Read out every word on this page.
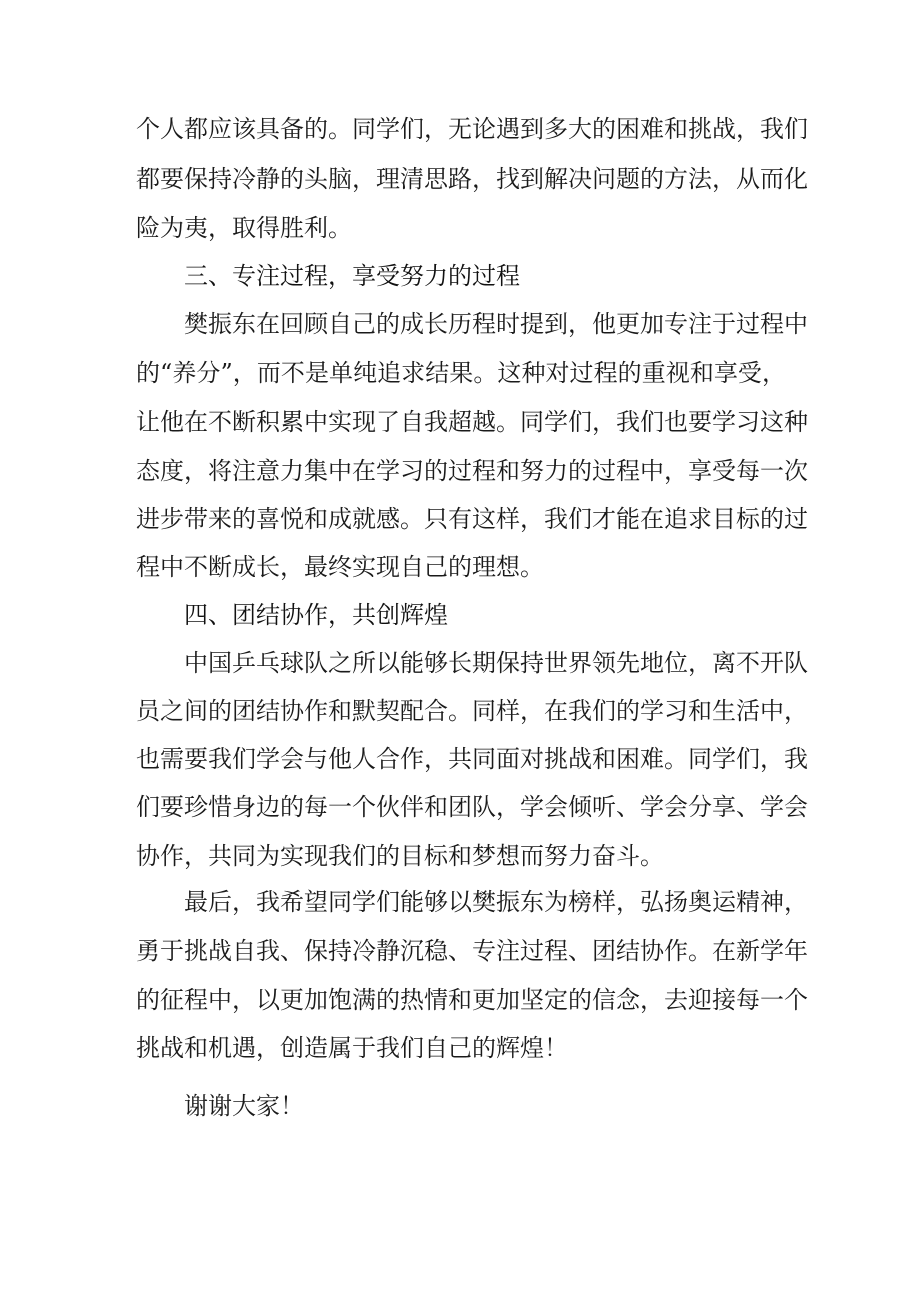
个人都应该具备的。同学们，无论遇到多大的困难和挑战，我们
都要保持冷静的头脑，理清思路，找到解决问题的方法，从而化
险为夷，取得胜利。
三、专注过程，享受努力的过程
樊振东在回顾自己的成长历程时提到，他更加专注于过程中
的“养分”，而不是单纯追求结果。这种对过程的重视和享受，
让他在不断积累中实现了自我超越。同学们，我们也要学习这种
态度，将注意力集中在学习的过程和努力的过程中，享受每一次
进步带来的喜悦和成就感。只有这样，我们才能在追求目标的过
程中不断成长，最终实现自己的理想。
四、团结协作，共创辉煌
中国乒乓球队之所以能够长期保持世界领先地位，离不开队
员之间的团结协作和默契配合。同样，在我们的学习和生活中，
也需要我们学会与他人合作，共同面对挑战和困难。同学们，我
们要珍惜身边的每一个伙伴和团队，学会倾听、学会分享、学会
协作，共同为实现我们的目标和梦想而努力奋斗。
最后，我希望同学们能够以樊振东为榜样，弘扬奥运精神，
勇于挑战自我、保持冷静沉稳、专注过程、团结协作。在新学年
的征程中，以更加饱满的热情和更加坚定的信念，去迎接每一个
挑战和机遇，创造属于我们自己的辉煌！
谢谢大家！
